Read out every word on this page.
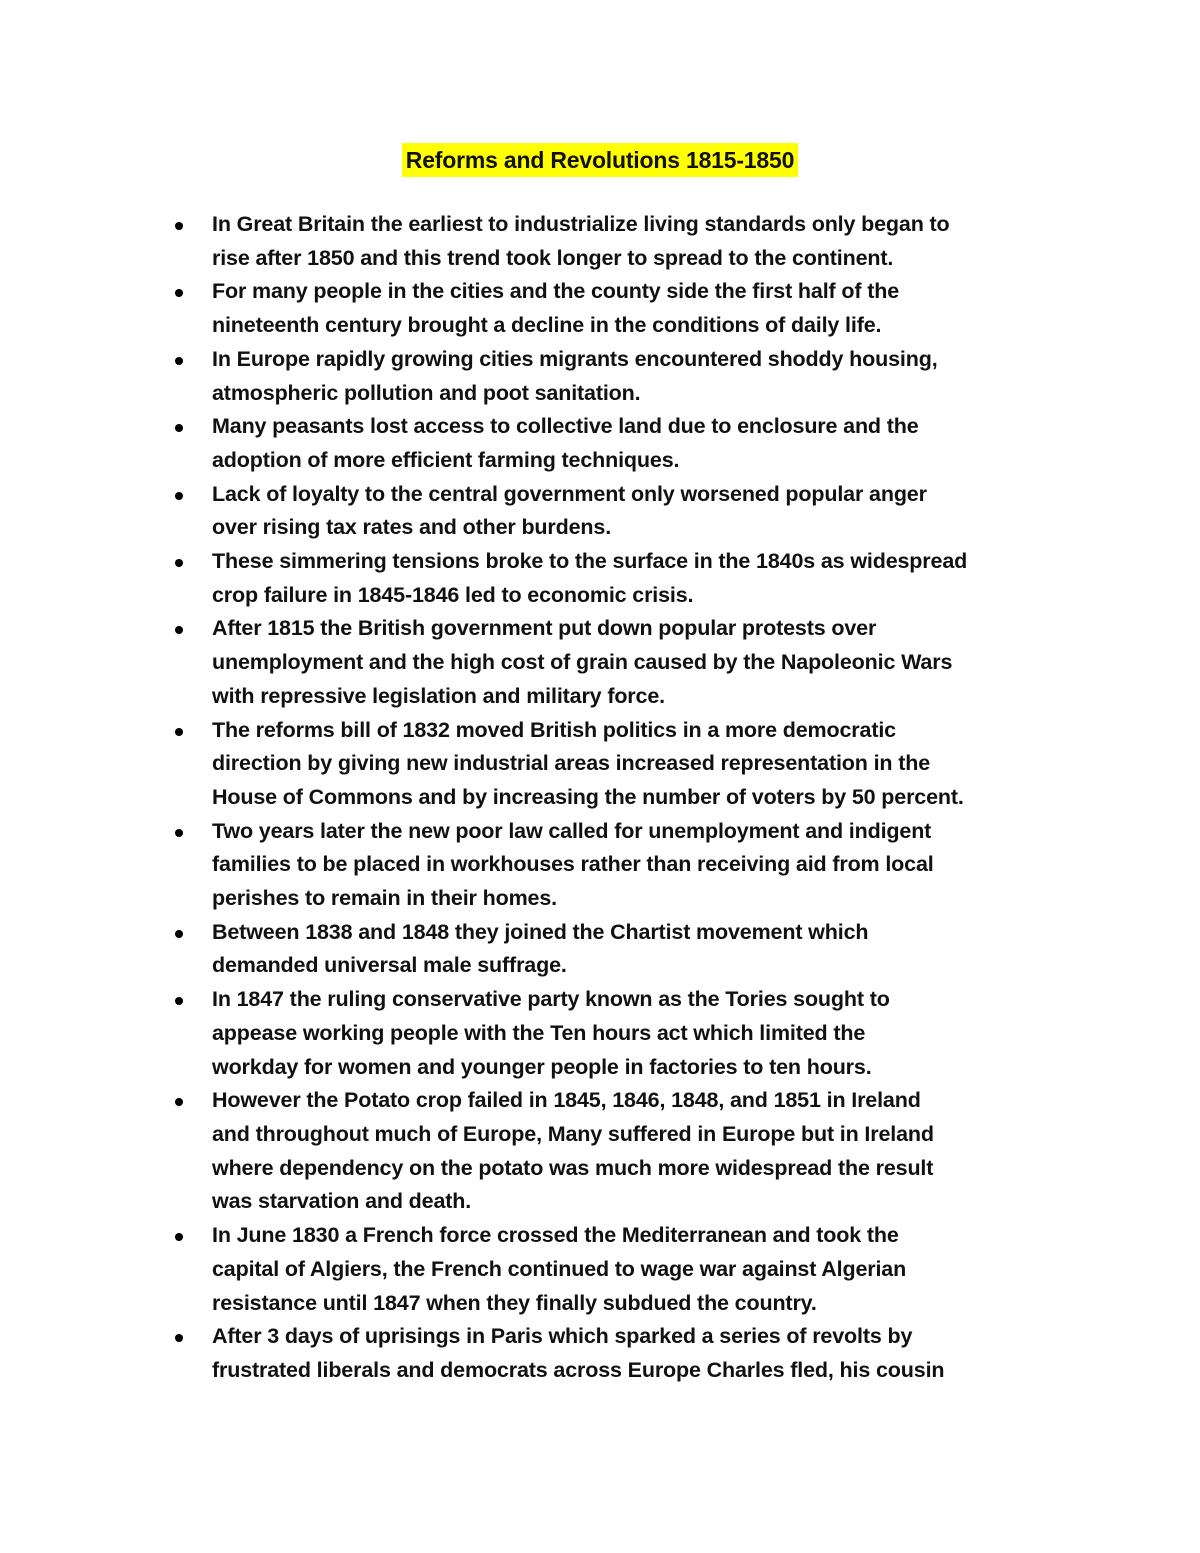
Reforms and Revolutions 1815-1850
In Great Britain the earliest to industrialize living standards only began to
rise after 1850 and this trend took longer to spread to the continent.
For many people in the cities and the county side the first half of the
nineteenth century brought a decline in the conditions of daily life.
In Europe rapidly growing cities migrants encountered shoddy housing,
atmospheric pollution and poot sanitation.
Many peasants lost access to collective land due to enclosure and the
adoption of more efficient farming techniques.
Lack of loyalty to the central government only worsened popular anger
over rising tax rates and other burdens.
These simmering tensions broke to the surface in the 1840s as widespread
crop failure in 1845-1846 led to economic crisis.
After 1815 the British government put down popular protests over
unemployment and the high cost of grain caused by the Napoleonic Wars
with repressive legislation and military force.
The reforms bill of 1832 moved British politics in a more democratic
direction by giving new industrial areas increased representation in the
House of Commons and by increasing the number of voters by 50 percent.
Two years later the new poor law called for unemployment and indigent
families to be placed in workhouses rather than receiving aid from local
perishes to remain in their homes.
Between 1838 and 1848 they joined the Chartist movement which
demanded universal male suffrage.
In 1847 the ruling conservative party known as the Tories sought to
appease working people with the Ten hours act which limited the
workday for women and younger people in factories to ten hours.
However the Potato crop failed in 1845, 1846, 1848, and 1851 in Ireland
and throughout much of Europe, Many suffered in Europe but in Ireland
where dependency on the potato was much more widespread the result
was starvation and death.
In June 1830 a French force crossed the Mediterranean and took the
capital of Algiers, the French continued to wage war against Algerian
resistance until 1847 when they finally subdued the country.
After 3 days of uprisings in Paris which sparked a series of revolts by
frustrated liberals and democrats across Europe Charles fled, his cousin
